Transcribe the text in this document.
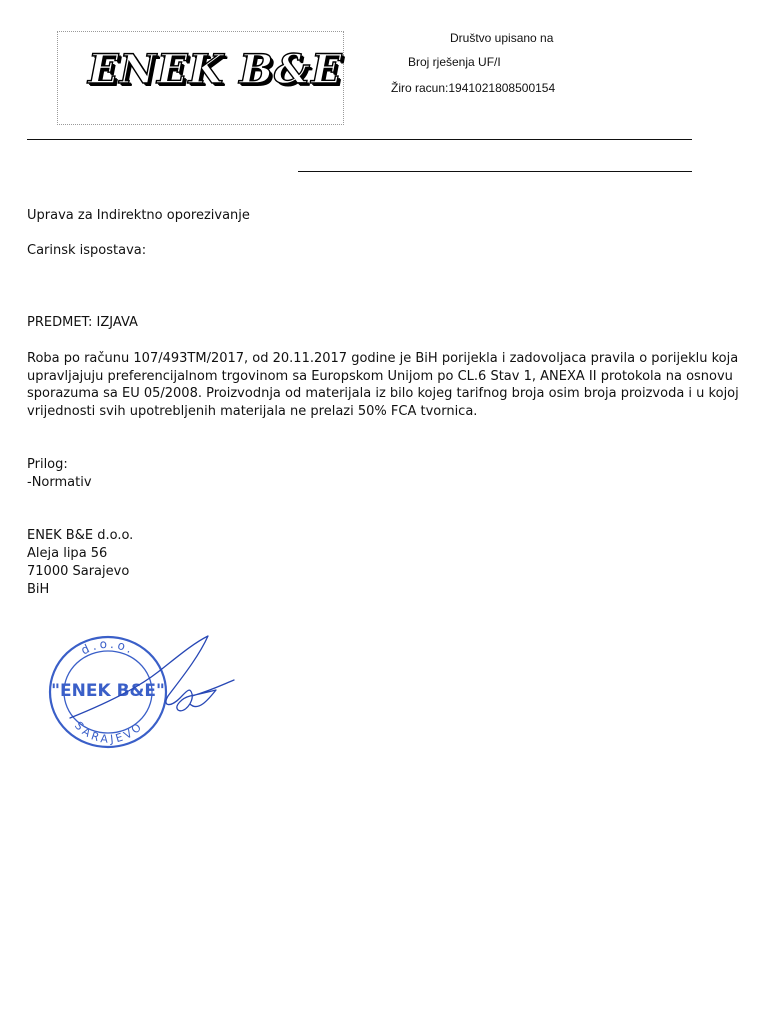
ENEK B&E
Društvo upisano na
Broj rješenja UF/I
Žiro racun:1941021808500154

Uprava za Indirektno oporezivanje

Carinsk ispostava:

PREDMET: IZJAVA

Roba po računu 107/493TM/2017, od 20.11.2017 godine je BiH porijekla i zadovoljaca pravila o porijeklu koja
upravljajuju preferencijalnom trgovinom sa Europskom Unijom po CL.6 Stav 1, ANEXA II protokola na osnovu
sporazuma sa EU 05/2008. Proizvodnja od materijala iz bilo kojeg tarifnog broja osim broja proizvoda i u kojoj
vrijednosti svih upotrebljenih materijala ne prelazi 50% FCA tvornica.

Prilog:

-Normativ

ENEK B&E d.o.o.

Aleja lipa 56

71000 Sarajevo

BiH

d.o.o.
"ENEK B&E"
SARAJEVO
